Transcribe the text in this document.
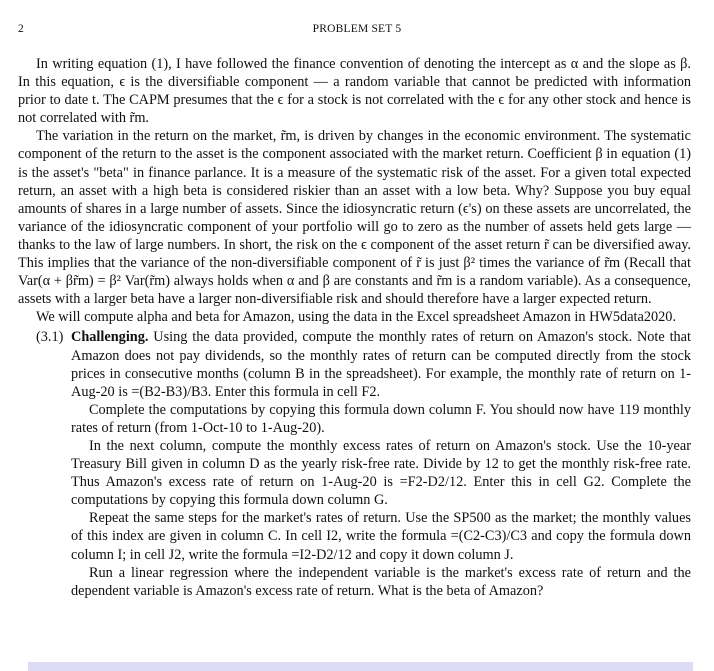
2	PROBLEM SET 5

In writing equation (1), I have followed the finance convention of denoting the intercept as α and the slope as β. In this equation, ϵ is the diversifiable component — a random variable that cannot be predicted with information prior to date t. The CAPM presumes that the ϵ for a stock is not correlated with the ϵ for any other stock and hence is not correlated with r̃m.

The variation in the return on the market, r̃m, is driven by changes in the economic environment. The systematic component of the return to the asset is the component associated with the market return. Coefficient β in equation (1) is the asset's "beta" in finance parlance. It is a measure of the systematic risk of the asset. For a given total expected return, an asset with a high beta is considered riskier than an asset with a low beta. Why? Suppose you buy equal amounts of shares in a large number of assets. Since the idiosyncratic return (ϵ's) on these assets are uncorrelated, the variance of the idiosyncratic component of your portfolio will go to zero as the number of assets held gets large — thanks to the law of large numbers. In short, the risk on the ϵ component of the asset return r̃ can be diversified away. This implies that the variance of the non-diversifiable component of r̃ is just β² times the variance of r̃m (Recall that Var(α + βr̃m) = β² Var(r̃m) always holds when α and β are constants and r̃m is a random variable). As a consequence, assets with a larger beta have a larger non-diversifiable risk and should therefore have a larger expected return.

We will compute alpha and beta for Amazon, using the data in the Excel spreadsheet Amazon in HW5data2020.

(3.1) Challenging. Using the data provided, compute the monthly rates of return on Amazon's stock. Note that Amazon does not pay dividends, so the monthly rates of return can be computed directly from the stock prices in consecutive months (column B in the spreadsheet). For example, the monthly rate of return on 1-Aug-20 is =(B2-B3)/B3. Enter this formula in cell F2.

Complete the computations by copying this formula down column F. You should now have 119 monthly rates of return (from 1-Oct-10 to 1-Aug-20).

In the next column, compute the monthly excess rates of return on Amazon's stock. Use the 10-year Treasury Bill given in column D as the yearly risk-free rate. Divide by 12 to get the monthly risk-free rate. Thus Amazon's excess rate of return on 1-Aug-20 is =F2-D2/12. Enter this in cell G2. Complete the computations by copying this formula down column G.

Repeat the same steps for the market's rates of return. Use the SP500 as the market; the monthly values of this index are given in column C. In cell I2, write the formula =(C2-C3)/C3 and copy the formula down column I; in cell J2, write the formula =I2-D2/12 and copy it down column J.

Run a linear regression where the independent variable is the market's excess rate of return and the dependent variable is Amazon's excess rate of return. What is the beta of Amazon?
